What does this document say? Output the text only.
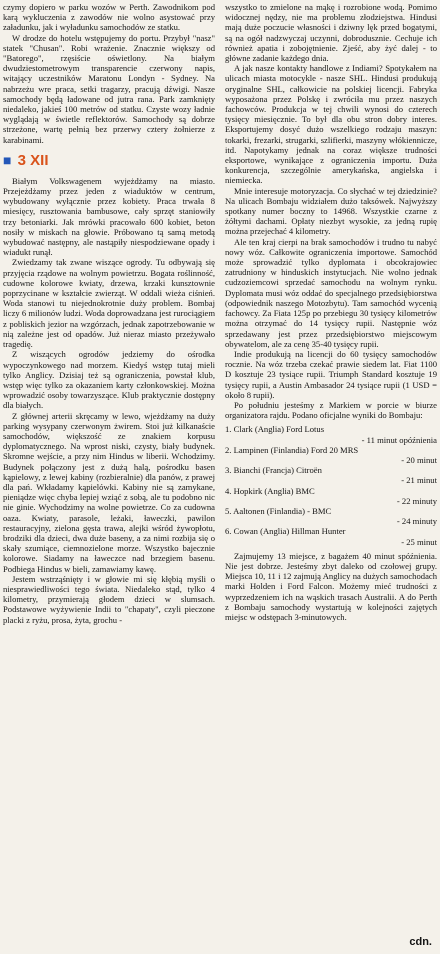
czymy dopiero w parku wozów w Perth. Zawodnikom pod karą wykluczenia z zawodów nie wolno asystować przy załadunku, jak i wyładunku samochodów ze statku.

W drodze do hotelu wstępujemy do portu. Przybył "nasz" statek "Chusan". Robi wrażenie. Znacznie większy od "Batorego", rzęsiście oświetlony. Na białym dwudziestometrowym transparencie czerwony napis, witający uczestników Maratonu Londyn - Sydney. Na nabrzeżu wre praca, setki tragarzy, pracują dźwigi. Nasze samochody będą ładowane od jutra rana. Park zamknięty niedaleko, jakieś 100 metrów od statku. Czyste wozy ładnie wyglądają w świetle reflektorów. Samochody są dobrze strzeżone, wartę pełnią bez przerwy cztery żołnierze z karabinami.

■ 3 XII

Białym Volkswagenem wyjeżdżamy na miasto. Przejeżdżamy przez jeden z wiaduktów w centrum, wybudowany wyłącznie przez kobiety. Praca trwała 8 miesięcy, rusztowania bambusowe, cały sprzęt staniowiły trzy betoniarki. Jak mrówki pracowało 600 kobiet, beton nosiły w miskach na głowie. Próbowano tą samą metodą wybudować następny, ale nastąpiły niespodziewane opady i wiadukt runął.

Zwiedzamy tak zwane wiszące ogrody. Tu odbywają się przyjęcia rządowe na wolnym powietrzu. Bogata roślinność, cudowne kolorowe kwiaty, drzewa, krzaki kunsztownie poprzycinane w kształcie zwierząt. W oddali wieża ciśnień. Woda stanowi tu niejednokrotnie duży problem. Bombaj liczy 6 milionów ludzi. Woda doprowadzana jest rurociągiem z pobliskich jezior na wzgórzach, jednak zapotrzebowanie w nią zależne jest od opadów. Już nieraz miasto przeżywało tragedię.

Z wiszących ogrodów jedziemy do ośrodka wypoczynkowego nad morzem. Kiedyś wstęp tutaj mieli tylko Anglicy. Dzisiaj też są ograniczenia, powstał klub, wstęp więc tylko za okazaniem karty członkowskiej. Można wprowadzić osoby towarzyszące. Klub praktycznie dostępny dla białych.

Z głównej arterii skręcamy w lewo, wjeżdżamy na duży parking wysypany czerwonym żwirem. Stoi już kilkanaście samochodów, większość ze znakiem korpusu dyplomatycznego. Na wprost niski, czysty, biały budynek. Skromne wejście, a przy nim Hindus w liberii. Wchodzimy. Budynek połączony jest z dużą halą, pośrodku basen kąpielowy, z lewej kabiny (rozbieralnie) dla panów, z prawej dla pań. Wkładamy kąpielówki. Kabiny nie są zamykane, pieniądze więc chyba lepiej wziąć z sobą, ale tu podobno nic nie ginie. Wychodzimy na wolne powietrze. Co za cudowna oaza. Kwiaty, parasole, leżaki, ławeczki, pawilon restauracyjny, zielona gęsta trawa, alejki wśród żywopłotu, brodziki dla dzieci, dwa duże baseny, a za nimi rozbija się o skały szumiące, ciemnozielone morze. Wszystko bajecznie kolorowe. Siadamy na ławeczce nad brzegiem basenu. Podbiega Hindus w bieli, zamawiamy kawę.

Jestem wstrząśnięty i w głowie mi się kłębią myśli o niesprawiedliwości tego świata. Niedaleko stąd, tylko 4 kilometry, przymierają głodem dzieci w slumsach. Podstawowe wyżywienie Indii to "chapaty", czyli pieczone placki z ryżu, prosa, żyta, grochu -

wszystko to zmielone na mąkę i rozrobione wodą. Pomimo widocznej nędzy, nie ma problemu złodziejstwa. Hindusi mają duże poczucie własności i dziwny lęk przed bogatymi, są na ogół nadzwyczaj uczynni, dobrodusznie. Cechuje ich również apatia i zobojętnienie. Zjeść, aby żyć dalej - to główne zadanie każdego dnia.

A jak nasze kontakty handlowe z Indiami? Spotykałem na ulicach miasta motocykle - nasze SHL. Hindusi produkują oryginalne SHL, całkowicie na polskiej licencji. Fabryka wyposażona przez Polskę i zwróciła mu przez naszych fachowców. Produkcja w tej chwili wynosi do czterech tysięcy miesięcznie. To był dla obu stron dobry interes. Eksportujemy dosyć dużo wszelkiego rodzaju maszyn: tokarki, frezarki, strugarki, szlifierki, maszyny włókiennicze, itd. Napotykamy jednak na coraz większe trudności eksportowe, wynikające z ograniczenia importu. Duża konkurencja, szczególnie amerykańska, angielska i niemiecka.

Mnie interesuje motoryzacja. Co słychać w tej dziedzinie? Na ulicach Bombaju widziałem dużo taksówek. Najwyższy spotkany numer boczny to 14968. Wszystkie czarne z żółtymi dachami. Opłaty niezbyt wysokie, za jedną rupię można przejechać 4 kilometry.

Ale ten kraj cierpi na brak samochodów i trudno tu nabyć nowy wóz. Całkowite ograniczenia importowe. Samochód może sprowadzić tylko dyplomata i obcokrajowiec zatrudniony w hinduskich instytucjach. Nie wolno jednak cudzoziemcowi sprzedać samochodu na wolnym rynku. Dyplomata musi wóz oddać do specjalnego przedsiębiorstwa (odpowiednik naszego Motozbytu). Tam samochód wycenią fachowcy. Za Fiata 125p po przebiegu 30 tysięcy kilometrów można otrzymać do 14 tysięcy rupii. Następnie wóz sprzedawany jest przez przedsiębiorstwo miejscowym obywatelom, ale za cenę 35-40 tysięcy rupii.

Indie produkują na licencji do 60 tysięcy samochodów rocznie. Na wóz trzeba czekać prawie siedem lat. Fiat 1100 D kosztuje 23 tysiące rupii. Triumph Standard kosztuje 19 tysięcy rupii, a Austin Ambasador 24 tysiące rupii (1 USD = około 8 rupii).

Po południu jesteśmy z Markiem w porcie w biurze organizatora rajdu. Podano oficjalne wyniki do Bombaju:

1. Clark (Anglia) Ford Lotus
- 11 minut opóźnienia
2. Lampinen (Finlandia) Ford 20 MRS
- 20 minut
3. Bianchi (Francja) Citroën
- 21 minut
4. Hopkirk (Anglia) BMC
- 22 minuty
5. Aaltonen (Finlandia) - BMC
- 24 minuty
6. Cowan (Anglia) Hillman Hunter
- 25 minut

Zajmujemy 13 miejsce, z bagażem 40 minut spóźnienia. Nie jest dobrze. Jesteśmy zbyt daleko od czołowej grupy. Miejsca 10, 11 i 12 zajmują Anglicy na dużych samochodach marki Holden i Ford Falcon. Możemy mieć trudności z wyprzedzeniem ich na wąskich trasach Australii. A do Perth z Bombaju samochody wystartują w kolejności zajętych miejsc w odstępach 3-minutowych.

cdn.
